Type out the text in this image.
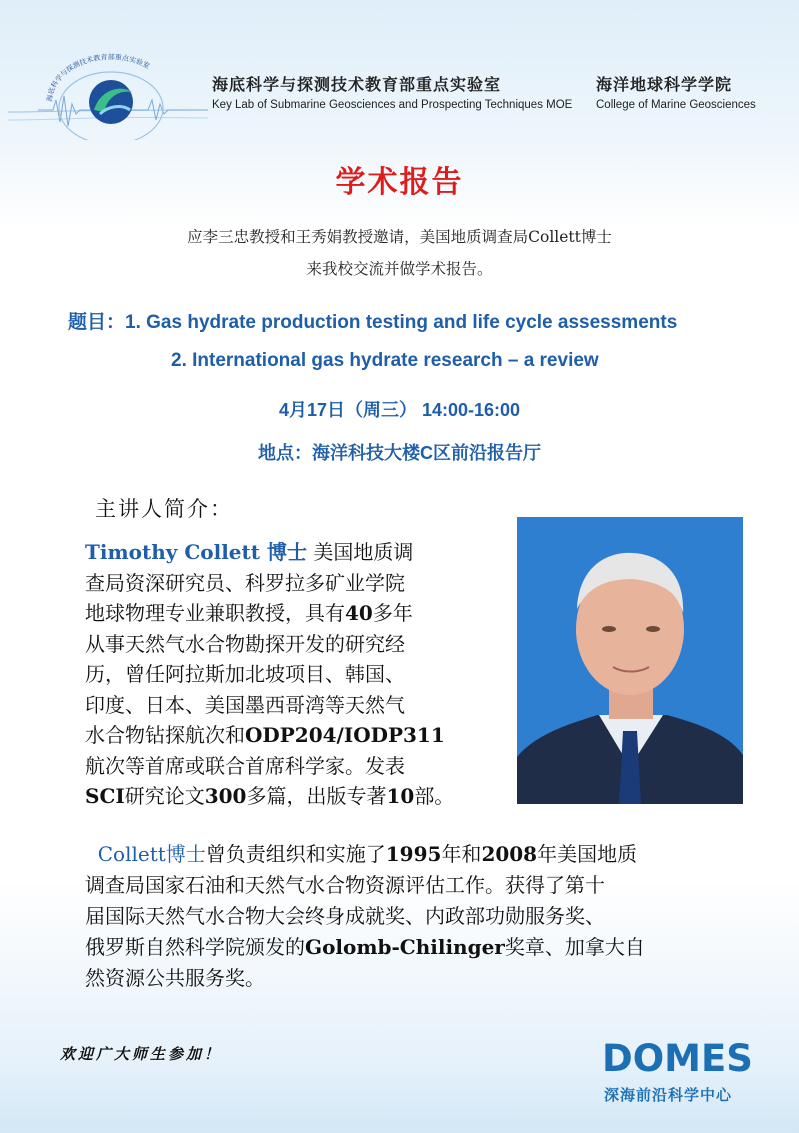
海底科学与探测技术教育部重点实验室
海底科学与探测技术教育部重点实验室
Key Lab of Submarine Geosciences and Prospecting Techniques MOE
海洋地球科学学院
College of Marine Geosciences
学术报告
应李三忠教授和王秀娟教授邀请，美国地质调查局Collett博士
来我校交流并做学术报告。
题目：1. Gas hydrate production testing and life cycle assessments
2. International gas hydrate research – a review
4月17日（周三） 14:00-16:00
地点：海洋科技大楼C区前沿报告厅
主讲人简介：

Timothy Collett 博士 美国地质调

查局资深研究员、科罗拉多矿业学院

地球物理专业兼职教授，具有40多年

从事天然气水合物勘探开发的研究经

历，曾任阿拉斯加北坡项目、韩国、

印度、日本、美国墨西哥湾等天然气

水合物钻探航次和ODP204/IODP311

航次等首席或联合首席科学家。发表

SCI研究论文300多篇，出版专著10部。

Collett博士曾负责组织和实施了1995年和2008年美国地质

调查局国家石油和天然气水合物资源评估工作。获得了第十

届国际天然气水合物大会终身成就奖、内政部功勋服务奖、

俄罗斯自然科学院颁发的Golomb-Chilinger奖章、加拿大自

然资源公共服务奖。

欢迎广大师生参加！	DOMES
深海前沿科学中心
